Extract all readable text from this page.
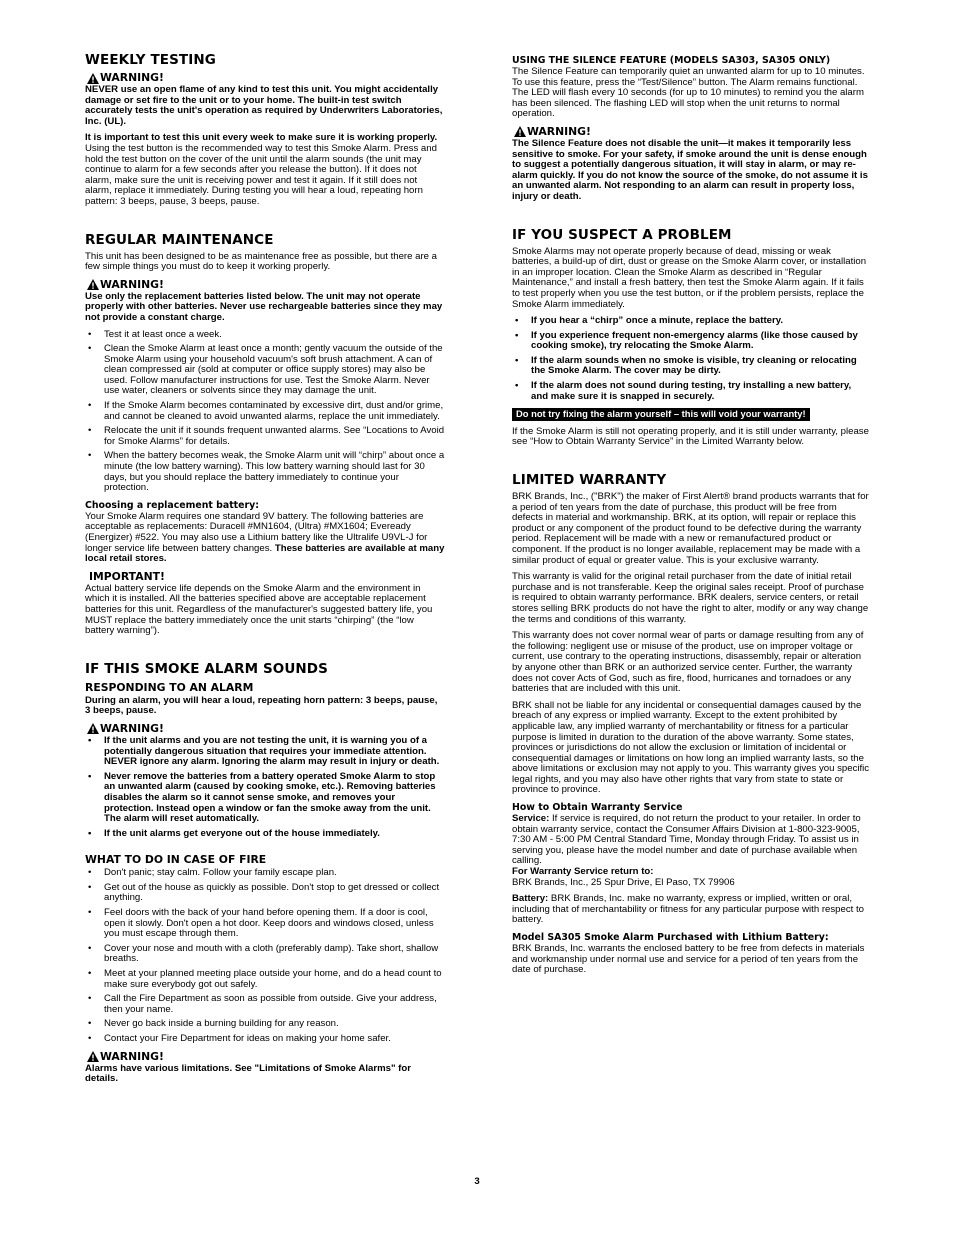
WEEKLY TESTING
WARNING!

NEVER use an open flame of any kind to test this unit. You might accidentally damage or set fire to the unit or to your home. The built-in test switch accurately tests the unit's operation as required by Underwriters Laboratories, Inc. (UL).

It is important to test this unit every week to make sure it is working properly. Using the test button is the recommended way to test this Smoke Alarm. Press and hold the test button on the cover of the unit until the alarm sounds (the unit may continue to alarm for a few seconds after you release the button). If it does not alarm, make sure the unit is receiving power and test it again. If it still does not alarm, replace it immediately. During testing you will hear a loud, repeating horn pattern: 3 beeps, pause, 3 beeps, pause.

REGULAR MAINTENANCE

This unit has been designed to be as maintenance free as possible, but there are a few simple things you must do to keep it working properly.

WARNING!

Use only the replacement batteries listed below. The unit may not operate properly with other batteries. Never use rechargeable batteries since they may not provide a constant charge.

• Test it at least once a week.
• Clean the Smoke Alarm at least once a month; gently vacuum the outside of the Smoke Alarm using your household vacuum's soft brush attachment. A can of clean compressed air (sold at computer or office supply stores) may also be used. Follow manufacturer instructions for use. Test the Smoke Alarm. Never use water, cleaners or solvents since they may damage the unit.
• If the Smoke Alarm becomes contaminated by excessive dirt, dust and/or grime, and cannot be cleaned to avoid unwanted alarms, replace the unit immediately.
• Relocate the unit if it sounds frequent unwanted alarms. See “Locations to Avoid for Smoke Alarms” for details.
• When the battery becomes weak, the Smoke Alarm unit will “chirp” about once a minute (the low battery warning). This low battery warning should last for 30 days, but you should replace the battery immediately to continue your protection.
Choosing a replacement battery:

Your Smoke Alarm requires one standard 9V battery. The following batteries are acceptable as replacements: Duracell #MN1604, (Ultra) #MX1604; Eveready (Energizer) #522. You may also use a Lithium battery like the Ultralife U9VL-J for longer service life between battery changes. These batteries are available at many local retail stores.

IMPORTANT!

Actual battery service life depends on the Smoke Alarm and the environment in which it is installed. All the batteries specified above are acceptable replacement batteries for this unit. Regardless of the manufacturer's suggested battery life, you MUST replace the battery immediately once the unit starts “chirping” (the “low battery warning”).

IF THIS SMOKE ALARM SOUNDS
RESPONDING TO AN ALARM

During an alarm, you will hear a loud, repeating horn pattern: 3 beeps, pause, 3 beeps, pause.

WARNING!
• If the unit alarms and you are not testing the unit, it is warning you of a potentially dangerous situation that requires your immediate attention. NEVER ignore any alarm. Ignoring the alarm may result in injury or death.
• Never remove the batteries from a battery operated Smoke Alarm to stop an unwanted alarm (caused by cooking smoke, etc.). Removing batteries disables the alarm so it cannot sense smoke, and removes your protection. Instead open a window or fan the smoke away from the unit. The alarm will reset automatically.
• If the unit alarms get everyone out of the house immediately.
WHAT TO DO IN CASE OF FIRE
• Don't panic; stay calm. Follow your family escape plan.
• Get out of the house as quickly as possible. Don't stop to get dressed or collect anything.
• Feel doors with the back of your hand before opening them. If a door is cool, open it slowly. Don't open a hot door. Keep doors and windows closed, unless you must escape through them.
• Cover your nose and mouth with a cloth (preferably damp). Take short, shallow breaths.
• Meet at your planned meeting place outside your home, and do a head count to make sure everybody got out safely.
• Call the Fire Department as soon as possible from outside. Give your address, then your name.
• Never go back inside a burning building for any reason.
• Contact your Fire Department for ideas on making your home safer.
WARNING!

Alarms have various limitations. See "Limitations of Smoke Alarms" for details.

USING THE SILENCE FEATURE (MODELS SA303, SA305 ONLY)

The Silence Feature can temporarily quiet an unwanted alarm for up to 10 minutes. To use this feature, press the “Test/Silence” button. The Alarm remains functional. The LED will flash every 10 seconds (for up to 10 minutes) to remind you the alarm has been silenced. The flashing LED will stop when the unit returns to normal operation.

WARNING!

The Silence Feature does not disable the unit—it makes it temporarily less sensitive to smoke. For your safety, if smoke around the unit is dense enough to suggest a potentially dangerous situation, it will stay in alarm, or may re-alarm quickly. If you do not know the source of the smoke, do not assume it is an unwanted alarm. Not responding to an alarm can result in property loss, injury or death.

IF YOU SUSPECT A PROBLEM

Smoke Alarms may not operate properly because of dead, missing or weak batteries, a build-up of dirt, dust or grease on the Smoke Alarm cover, or installation in an improper location. Clean the Smoke Alarm as described in “Regular Maintenance,” and install a fresh battery, then test the Smoke Alarm again. If it fails to test properly when you use the test button, or if the problem persists, replace the Smoke Alarm immediately.

• If you hear a “chirp” once a minute, replace the battery.
• If you experience frequent non-emergency alarms (like those caused by cooking smoke), try relocating the Smoke Alarm.
• If the alarm sounds when no smoke is visible, try cleaning or relocating the Smoke Alarm. The cover may be dirty.
• If the alarm does not sound during testing, try installing a new battery, and make sure it is snapped in securely.
Do not try fixing the alarm yourself – this will void your warranty!

If the Smoke Alarm is still not operating properly, and it is still under warranty, please see “How to Obtain Warranty Service” in the Limited Warranty below.

LIMITED WARRANTY

BRK Brands, Inc., ("BRK") the maker of First Alert® brand products warrants that for a period of ten years from the date of purchase, this product will be free from defects in material and workmanship. BRK, at its option, will repair or replace this product or any component of the product found to be defective during the warranty period. Replacement will be made with a new or remanufactured product or component. If the product is no longer available, replacement may be made with a similar product of equal or greater value. This is your exclusive warranty.

This warranty is valid for the original retail purchaser from the date of initial retail purchase and is not transferable. Keep the original sales receipt. Proof of purchase is required to obtain warranty performance. BRK dealers, service centers, or retail stores selling BRK products do not have the right to alter, modify or any way change the terms and conditions of this warranty.

This warranty does not cover normal wear of parts or damage resulting from any of the following: negligent use or misuse of the product, use on improper voltage or current, use contrary to the operating instructions, disassembly, repair or alteration by anyone other than BRK or an authorized service center. Further, the warranty does not cover Acts of God, such as fire, flood, hurricanes and tornadoes or any batteries that are included with this unit.

BRK shall not be liable for any incidental or consequential damages caused by the breach of any express or implied warranty. Except to the extent prohibited by applicable law, any implied warranty of merchantability or fitness for a particular purpose is limited in duration to the duration of the above warranty. Some states, provinces or jurisdictions do not allow the exclusion or limitation of incidental or consequential damages or limitations on how long an implied warranty lasts, so the above limitations or exclusion may not apply to you. This warranty gives you specific legal rights, and you may also have other rights that vary from state to state or province to province.

How to Obtain Warranty Service

Service: If service is required, do not return the product to your retailer. In order to obtain warranty service, contact the Consumer Affairs Division at 1-800-323-9005, 7:30 AM - 5:00 PM Central Standard Time, Monday through Friday. To assist us in serving you, please have the model number and date of purchase available when calling.

For Warranty Service return to:

BRK Brands, Inc., 25 Spur Drive, El Paso, TX 79906

Battery: BRK Brands, Inc. make no warranty, express or implied, written or oral, including that of merchantability or fitness for any particular purpose with respect to battery.

Model SA305 Smoke Alarm Purchased with Lithium Battery:

BRK Brands, Inc. warrants the enclosed battery to be free from defects in materials and workmanship under normal use and service for a period of ten years from the date of purchase.

3
